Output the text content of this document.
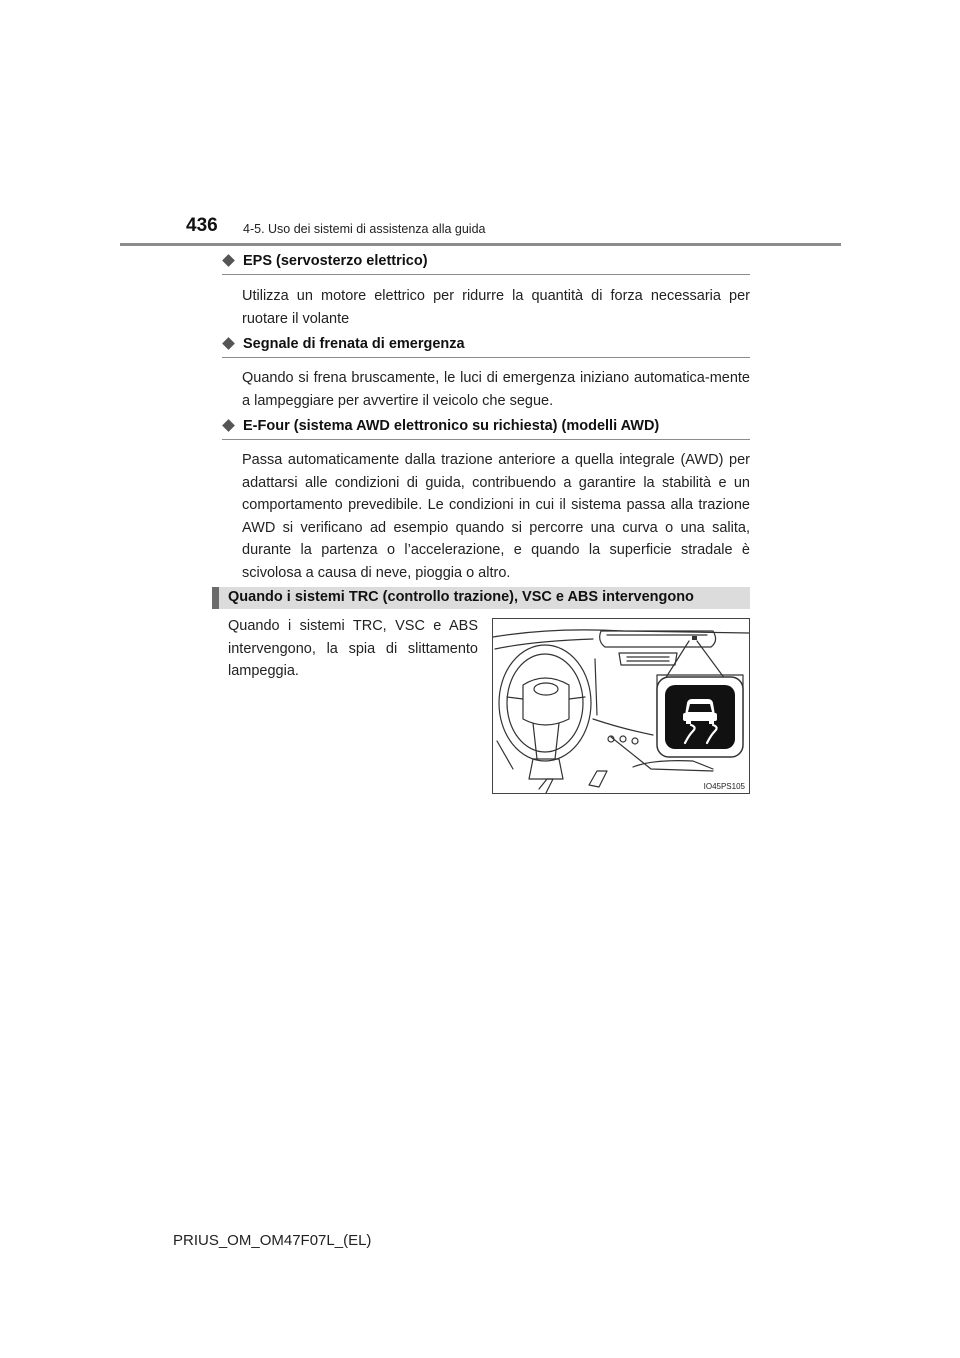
436 4-5. Uso dei sistemi di assistenza alla guida
EPS (servosterzo elettrico)
Utilizza un motore elettrico per ridurre la quantità di forza necessaria per ruotare il volante
Segnale di frenata di emergenza
Quando si frena bruscamente, le luci di emergenza iniziano automatica-mente a lampeggiare per avvertire il veicolo che segue.
E-Four (sistema AWD elettronico su richiesta) (modelli AWD)
Passa automaticamente dalla trazione anteriore a quella integrale (AWD) per adattarsi alle condizioni di guida, contribuendo a garantire la stabilità e un comportamento prevedibile. Le condizioni in cui il sistema passa alla trazione AWD si verificano ad esempio quando si percorre una curva o una salita, durante la partenza o l’accelerazione, e quando la superficie stradale è scivolosa a causa di neve, pioggia o altro.
Quando i sistemi TRC (controllo trazione), VSC e ABS intervengono
Quando i sistemi TRC, VSC e ABS intervengono, la spia di slittamento lampeggia.
IO45PS105
PRIUS_OM_OM47F07L_(EL)
